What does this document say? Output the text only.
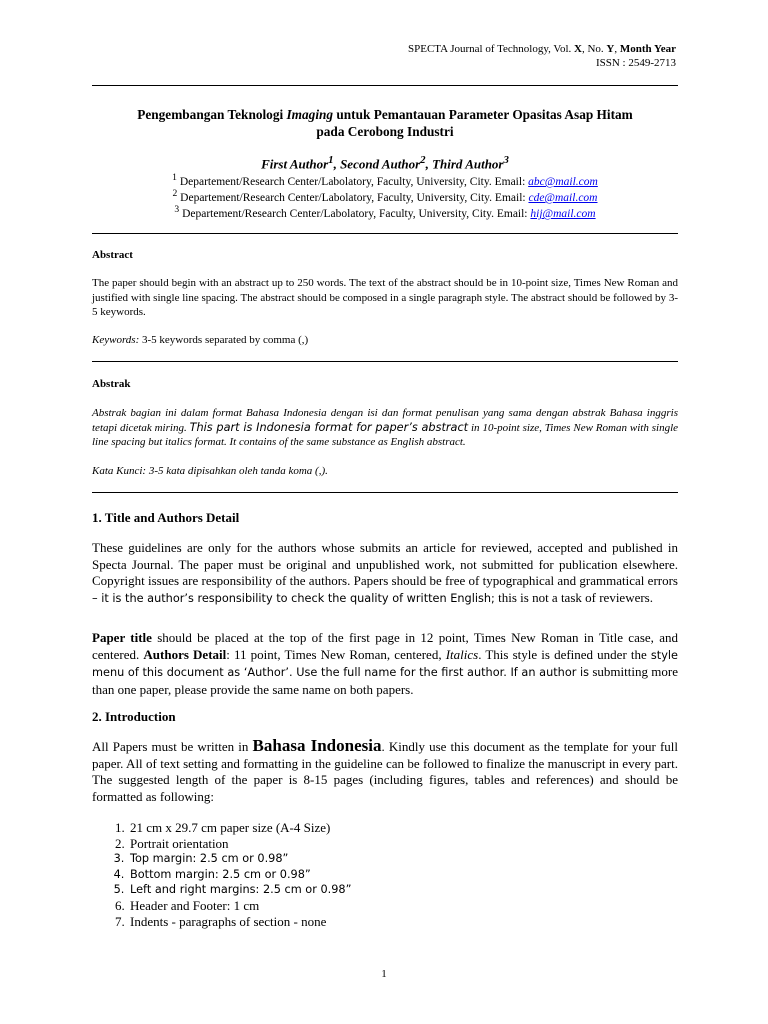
SPECTA Journal of Technology, Vol. X, No. Y, Month Year
ISSN : 2549-2713
Pengembangan Teknologi Imaging untuk Pemantauan Parameter Opasitas Asap Hitam
pada Cerobong Industri
First Author$^1$, Second Author$^2$, Third Author$^3$
$^1$ Departement/Research Center/Labolatory, Faculty, University, City. Email: abc@mail.com
$^2$ Departement/Research Center/Labolatory, Faculty, University, City. Email: cde@mail.com
$^3$ Departement/Research Center/Labolatory, Faculty, University, City. Email: hij@mail.com
Abstract
The paper should begin with an abstract up to 250 words. The text of the abstract should be in 10-point size, Times New Roman and justified with single line spacing. The abstract should be composed in a single paragraph style. The abstract should be followed by 3-5 keywords.
Keywords: 3-5 keywords separated by comma (,)
Abstrak
Abstrak bagian ini dalam format Bahasa Indonesia dengan isi dan format penulisan yang sama dengan abstrak Bahasa inggris tetapi dicetak miring. This part is Indonesia format for paper’s abstract in 10-point size, Times New Roman with single line spacing but italics format. It contains of the same substance as English abstract.
Kata Kunci: 3-5 kata dipisahkan oleh tanda koma (,).
1. Title and Authors Detail
These guidelines are only for the authors whose submits an article for reviewed, accepted and published in Specta Journal. The paper must be original and unpublished work, not submitted for publication elsewhere. Copyright issues are responsibility of the authors. Papers should be free of typographical and grammatical errors – it is the author’s responsibility to check the quality of written English; this is not a task of reviewers.
Paper title should be placed at the top of the first page in 12 point, Times New Roman in Title case, and centered. Authors Detail: 11 point, Times New Roman, centered, Italics. This style is defined under the style menu of this document as ‘Author’. Use the full name for the first author. If an author is submitting more than one paper, please provide the same name on both papers.
2. Introduction
All Papers must be written in Bahasa Indonesia. Kindly use this document as the template for your full paper. All of text setting and formatting in the guideline can be followed to finalize the manuscript in every part. The suggested length of the paper is 8-15 pages (including figures, tables and references) and should be formatted as following:
1. 21 cm x 29.7 cm paper size (A-4 Size)
2. Portrait orientation
3. Top margin: 2.5 cm or 0.98”
4. Bottom margin: 2.5 cm or 0.98”
5. Left and right margins: 2.5 cm or 0.98”
6. Header and Footer: 1 cm
7. Indents - paragraphs of section - none
1
